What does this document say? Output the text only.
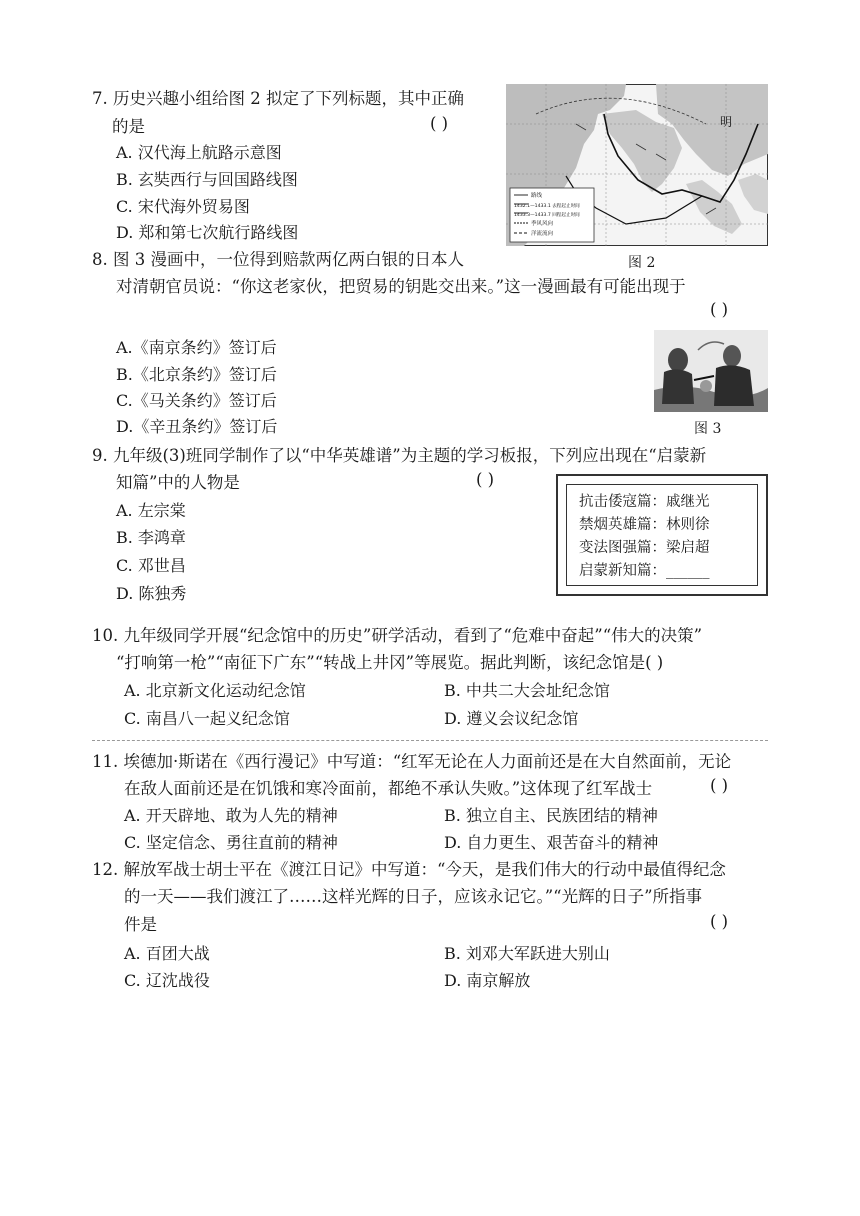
7. 历史兴趣小组给图 2 拟定了下列标题，其中正确
的是	( )
A. 汉代海上航路示意图
B. 玄奘西行与回国路线图
C. 宋代海外贸易图
D. 郑和第七次航行路线图
路线
1432.1—1433.1 去程起止时间
1433.3—1433.7 回程起止时间
季风风向
洋流流向
明
图 2
8. 图 3 漫画中，一位得到赔款两亿两白银的日本人
对清朝官员说：“你这老家伙，把贸易的钥匙交出来。”这一漫画最有可能出现于
( )
A.《南京条约》签订后
B.《北京条约》签订后
C.《马关条约》签订后
D.《辛丑条约》签订后	图 3
9. 九年级(3)班同学制作了以“中华英雄谱”为主题的学习板报，下列应出现在“启蒙新
知篇”中的人物是	( )
A. 左宗棠
B. 李鸿章
C. 邓世昌
D. 陈独秀
抗击倭寇篇：戚继光
禁烟英雄篇：林则徐
变法图强篇：梁启超
启蒙新知篇：______
10. 九年级同学开展“纪念馆中的历史”研学活动，看到了“危难中奋起”“伟大的决策”
“打响第一枪”“南征下广东”“转战上井冈”等展览。据此判断，该纪念馆是( )
A. 北京新文化运动纪念馆	B. 中共二大会址纪念馆
C. 南昌八一起义纪念馆	D. 遵义会议纪念馆
11. 埃德加·斯诺在《西行漫记》中写道：“红军无论在人力面前还是在大自然面前，无论
在敌人面前还是在饥饿和寒冷面前，都绝不承认失败。”这体现了红军战士	( )
A. 开天辟地、敢为人先的精神	B. 独立自主、民族团结的精神
C. 坚定信念、勇往直前的精神	D. 自力更生、艰苦奋斗的精神
12. 解放军战士胡士平在《渡江日记》中写道：“今天，是我们伟大的行动中最值得纪念
的一天——我们渡江了……这样光辉的日子，应该永记它。”“光辉的日子”所指事
件是	( )
A. 百团大战	B. 刘邓大军跃进大别山
C. 辽沈战役	D. 南京解放
